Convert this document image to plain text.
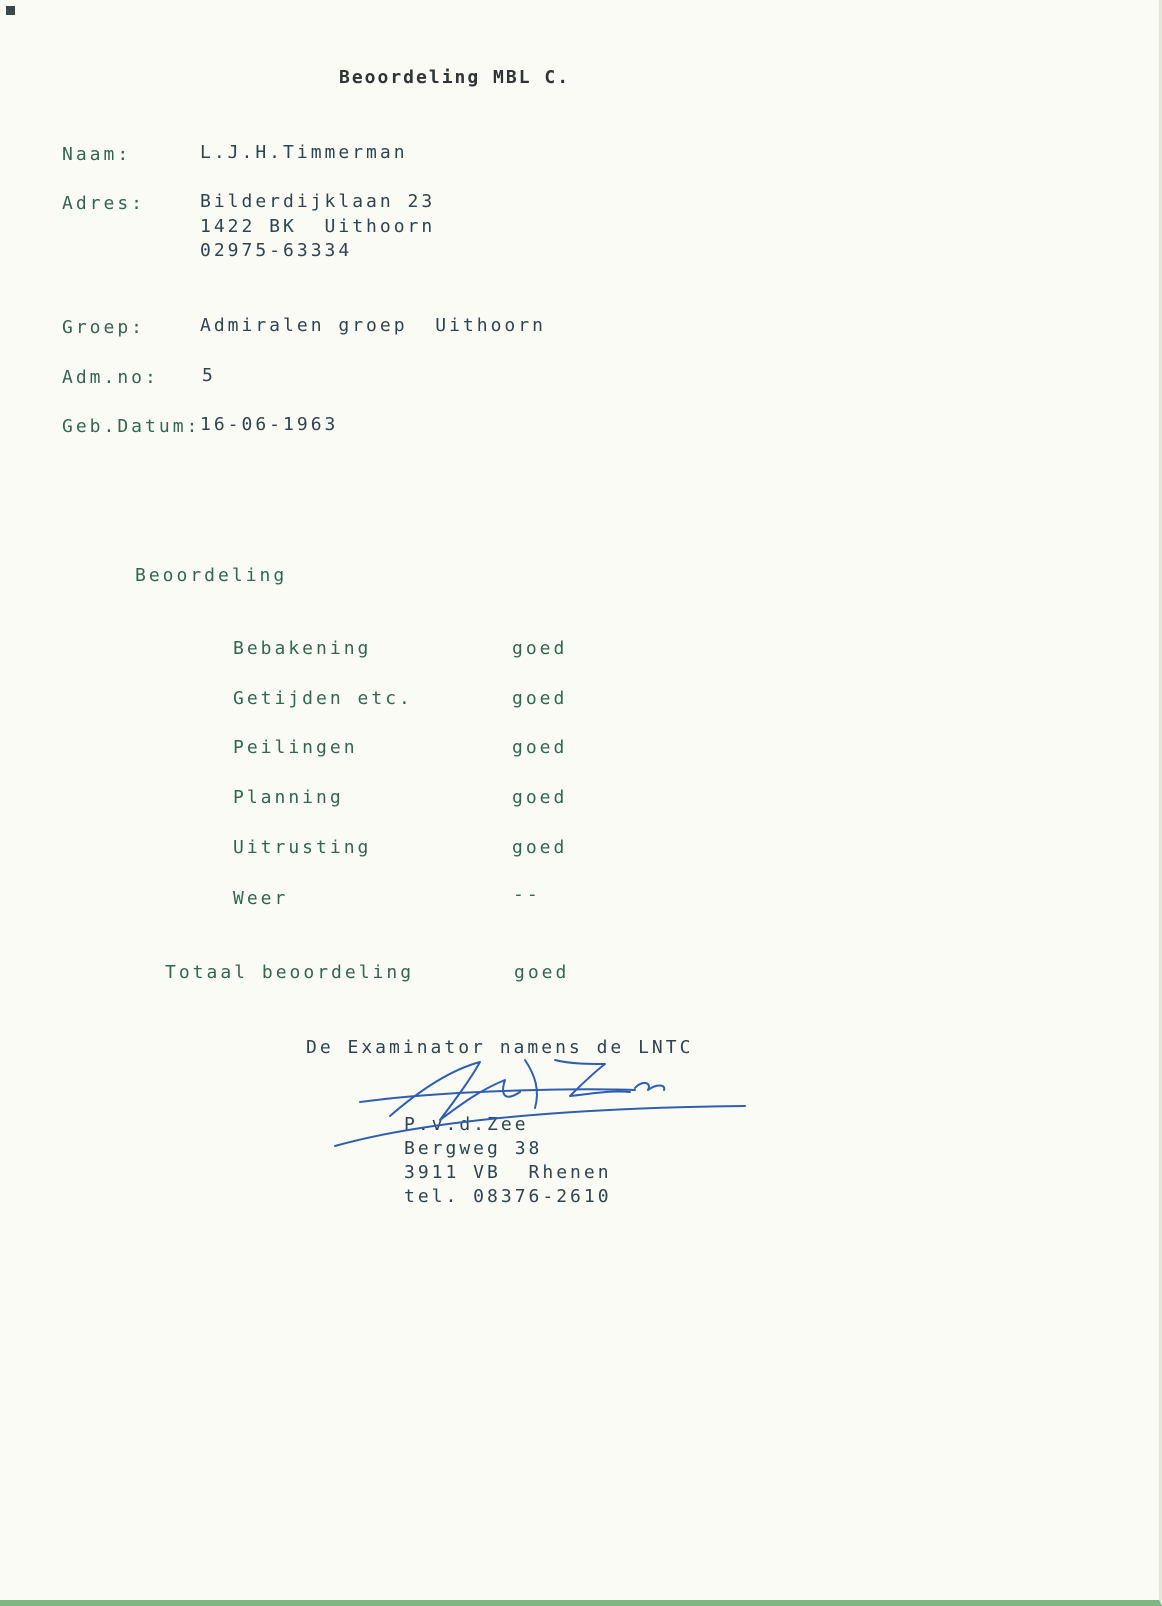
Beoordeling MBL C.
Naam:	L.J.H.Timmerman
Adres:	Bilderdijklaan 23
1422 BK  Uithoorn
02975-63334
Groep:	Admiralen groep  Uithoorn
Adm.no: 5
Geb.Datum: 16-06-1963
Beoordeling
Bebakening	goed
Getijden etc.	goed
Peilingen	goed
Planning	goed
Uitrusting	goed
Weer	--
Totaal beoordeling	goed
De Examinator namens de LNTC
P.v.d.Zee
Bergweg 38
3911 VB  Rhenen
tel. 08376-2610
